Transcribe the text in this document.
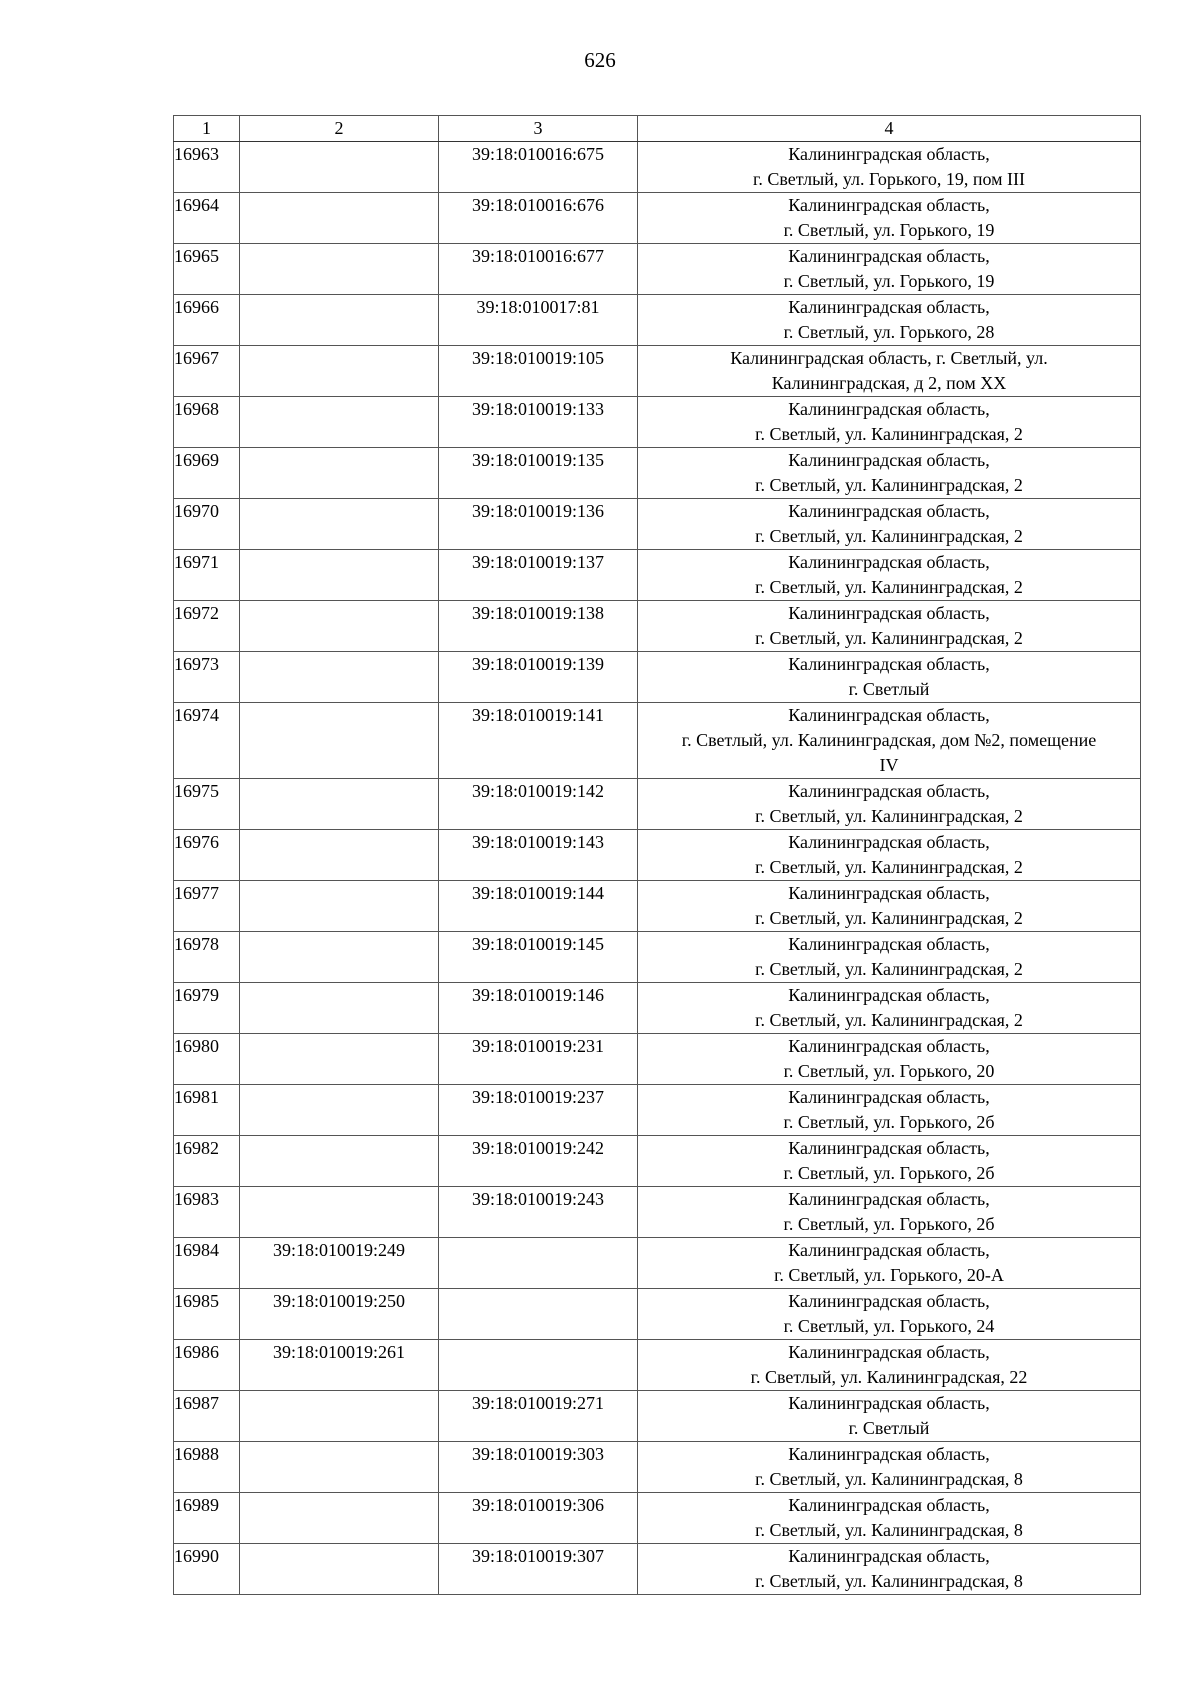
626
1	2	3	4
16963		39:18:010016:675	Калининградская область,
г. Светлый, ул. Горького, 19, пом III

16964		39:18:010016:676	Калининградская область,
г. Светлый, ул. Горького, 19

16965		39:18:010016:677	Калининградская область,
г. Светлый, ул. Горького, 19

16966		39:18:010017:81	Калининградская область,
г. Светлый, ул. Горького, 28

16967		39:18:010019:105	Калининградская область, г. Светлый, ул.
Калининградская, д 2, пом XX

16968		39:18:010019:133	Калининградская область,
г. Светлый, ул. Калининградская, 2

16969		39:18:010019:135	Калининградская область,
г. Светлый, ул. Калининградская, 2

16970		39:18:010019:136	Калининградская область,
г. Светлый, ул. Калининградская, 2

16971		39:18:010019:137	Калининградская область,
г. Светлый, ул. Калининградская, 2

16972		39:18:010019:138	Калининградская область,
г. Светлый, ул. Калининградская, 2

16973		39:18:010019:139	Калининградская область,
г. Светлый

16974		39:18:010019:141	Калининградская область,
г. Светлый, ул. Калининградская, дом №2, помещение
IV

16975		39:18:010019:142	Калининградская область,
г. Светлый, ул. Калининградская, 2

16976		39:18:010019:143	Калининградская область,
г. Светлый, ул. Калининградская, 2

16977		39:18:010019:144	Калининградская область,
г. Светлый, ул. Калининградская, 2

16978		39:18:010019:145	Калининградская область,
г. Светлый, ул. Калининградская, 2

16979		39:18:010019:146	Калининградская область,
г. Светлый, ул. Калининградская, 2

16980		39:18:010019:231	Калининградская область,
г. Светлый, ул. Горького, 20

16981		39:18:010019:237	Калининградская область,
г. Светлый, ул. Горького, 2б

16982		39:18:010019:242	Калининградская область,
г. Светлый, ул. Горького, 2б

16983		39:18:010019:243	Калининградская область,
г. Светлый, ул. Горького, 2б

16984	39:18:010019:249		Калининградская область,
г. Светлый, ул. Горького, 20-А

16985	39:18:010019:250		Калининградская область,
г. Светлый, ул. Горького, 24

16986	39:18:010019:261		Калининградская область,
г. Светлый, ул. Калининградская, 22

16987		39:18:010019:271	Калининградская область,
г. Светлый

16988		39:18:010019:303	Калининградская область,
г. Светлый, ул. Калининградская, 8

16989		39:18:010019:306	Калининградская область,
г. Светлый, ул. Калининградская, 8

16990		39:18:010019:307	Калининградская область,
г. Светлый, ул. Калининградская, 8
